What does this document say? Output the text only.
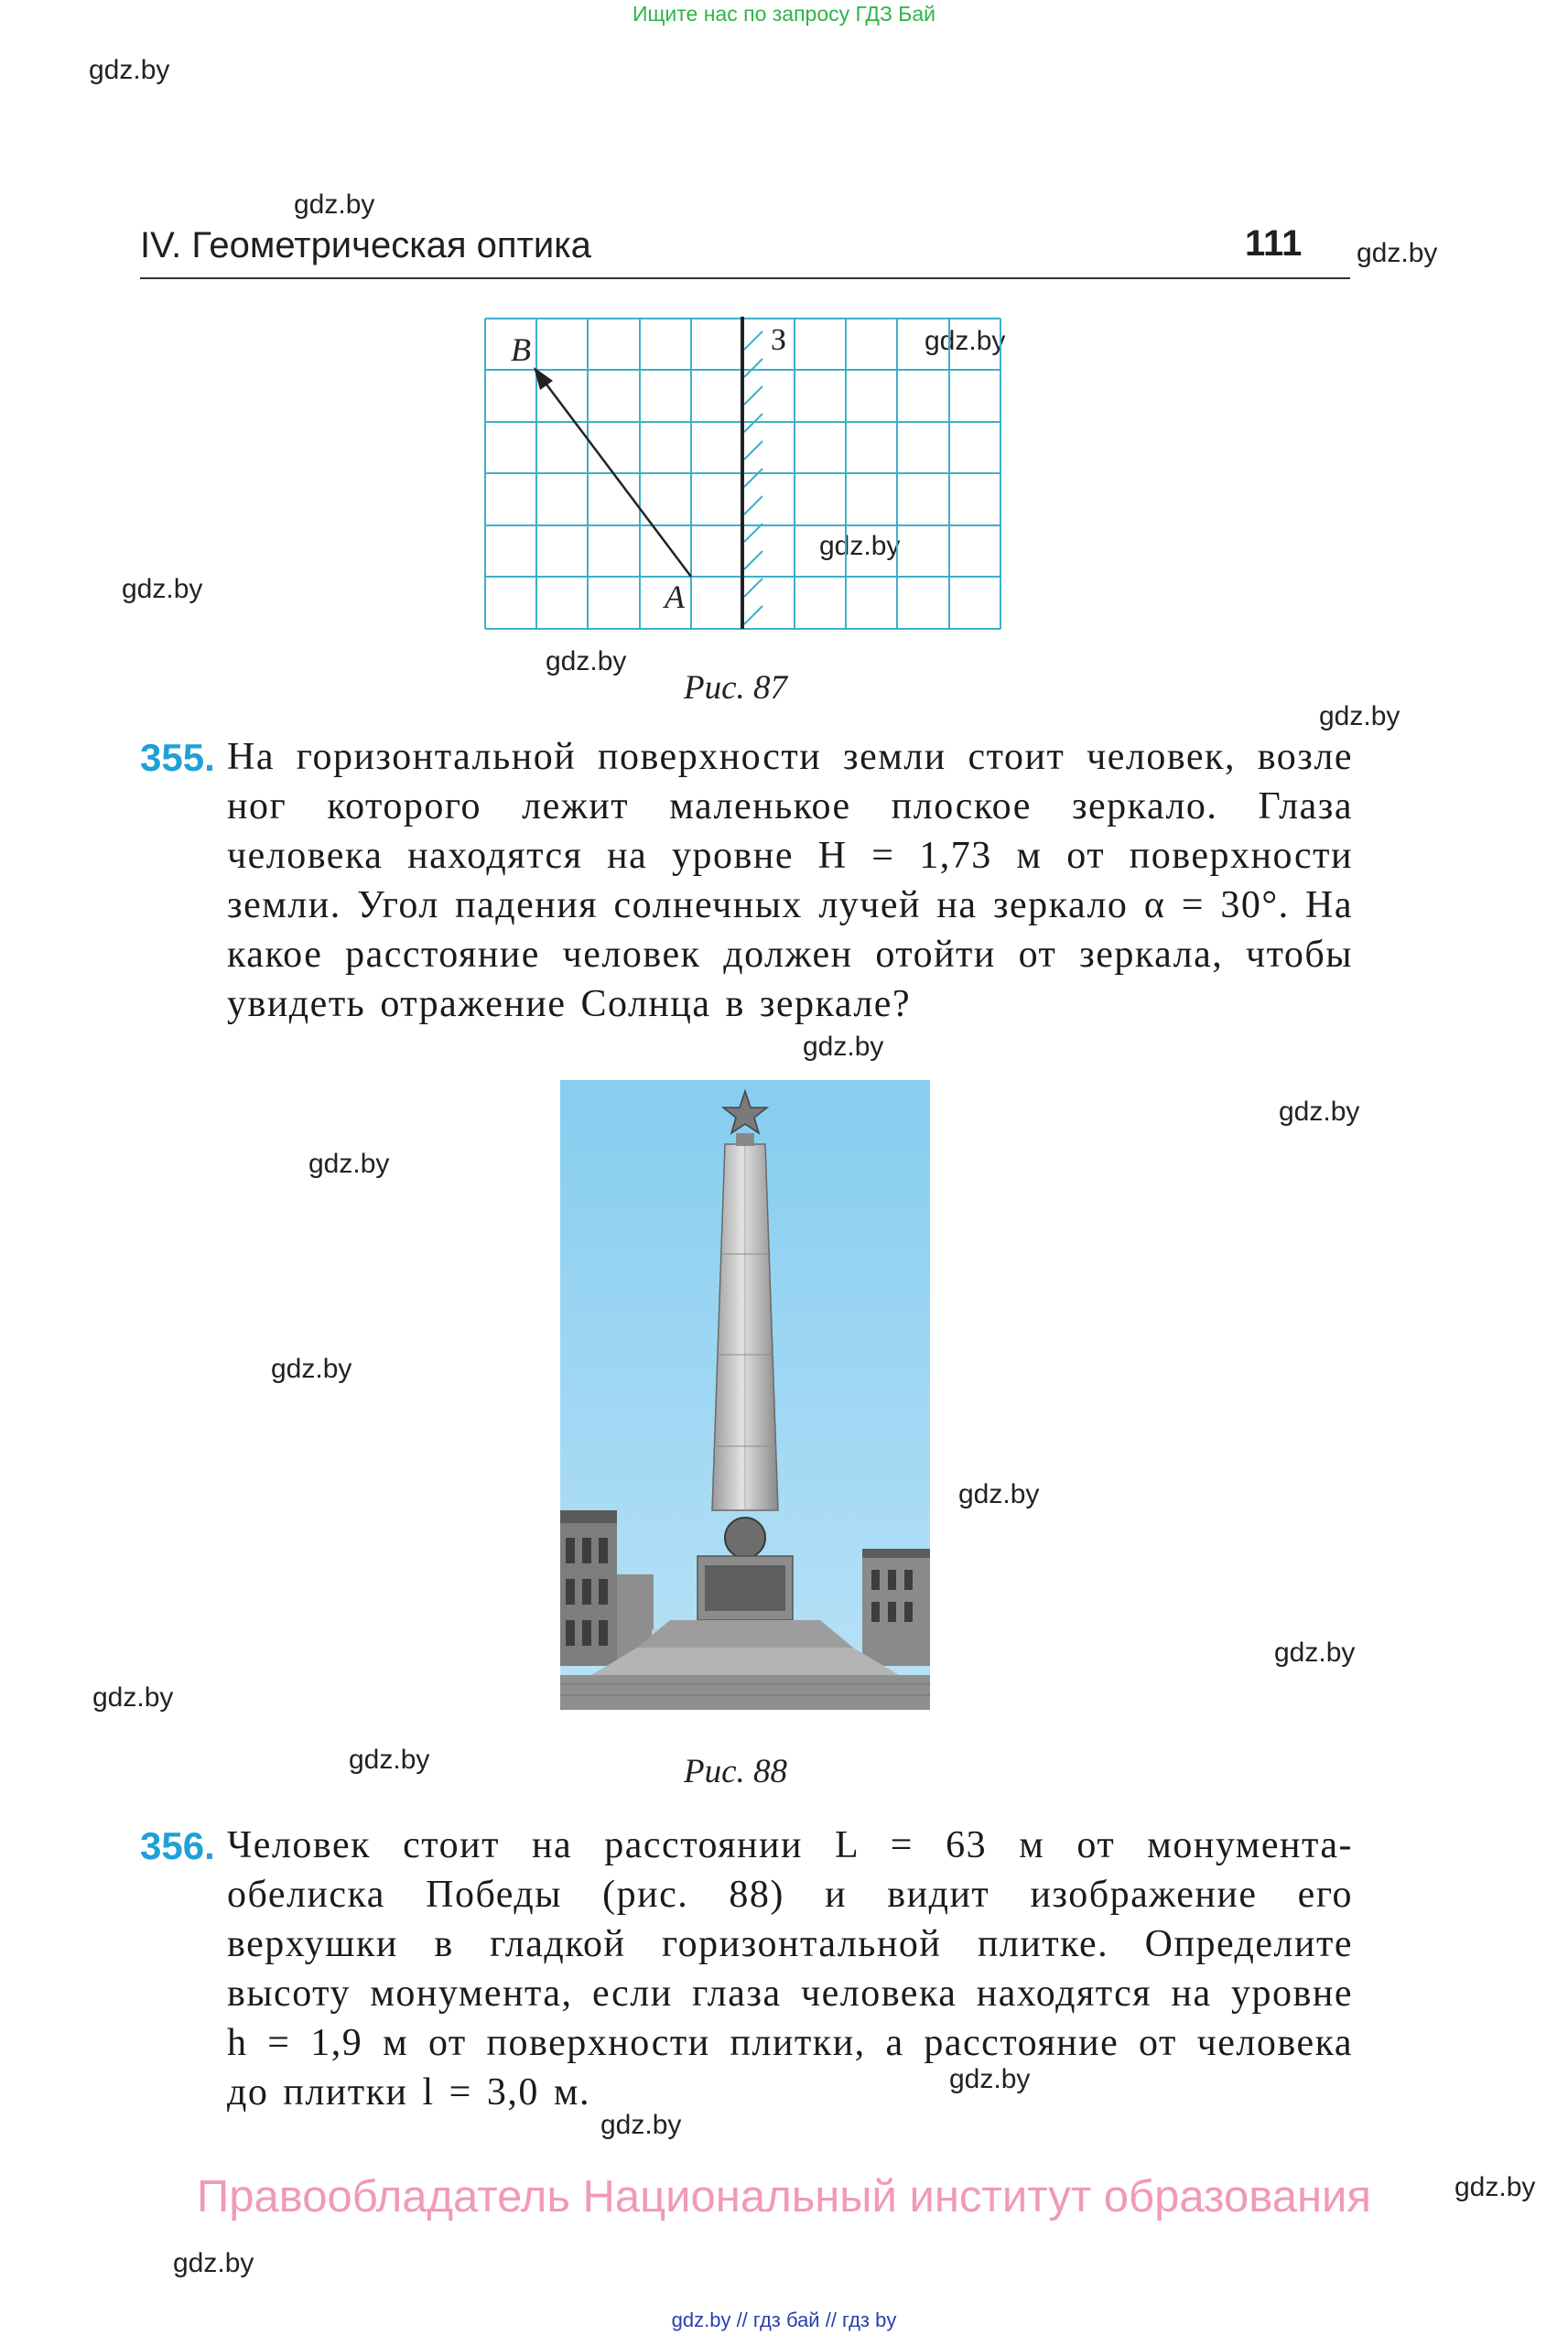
Ищите нас по запросу ГДЗ Бай
gdz.by
gdz.by
gdz.by
gdz.by
gdz.by
gdz.by
gdz.by
gdz.by
gdz.by
gdz.by
gdz.by
gdz.by
gdz.by
gdz.by
gdz.by
gdz.by
gdz.by
gdz.by
gdz.by
gdz.by
IV. Геометрическая оптика	111
B
A
З
Рис. 87
355. На горизонтальной поверхности земли стоит человек, возле ног которого лежит маленькое плоское зеркало. Глаза человека находятся на уровне H = 1,73 м от поверхности земли. Угол падения солнечных лучей на зеркало α = 30°. На какое расстояние человек должен отойти от зеркала, чтобы увидеть отражение Солнца в зеркале?
Рис. 88
356. Человек стоит на расстоянии L = 63 м от монумента-обелиска Победы (рис. 88) и видит изображение его верхушки в гладкой горизонтальной плитке. Определите высоту монумента, если глаза человека находятся на уровне h = 1,9 м от поверхности плитки, а расстояние от человека до плитки l = 3,0 м.
Правообладатель Национальный институт образования
gdz.by // гдз бай // гдз by
